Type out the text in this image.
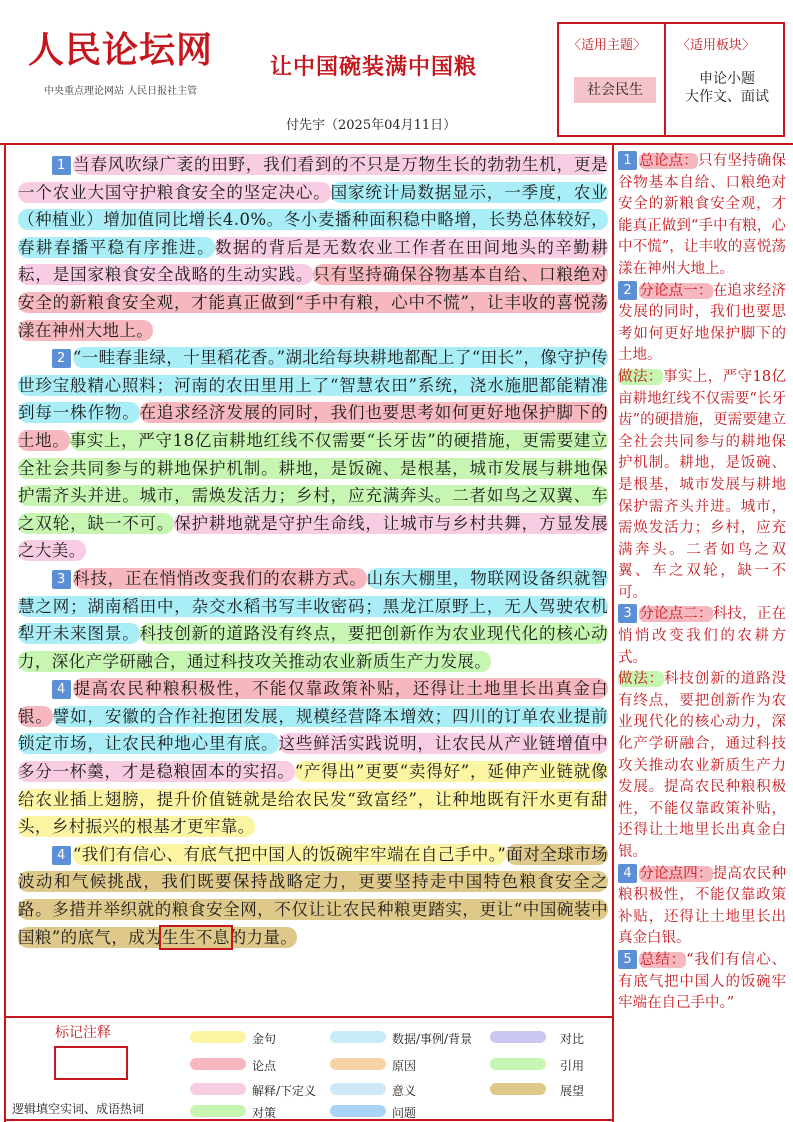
人民论坛网
中央重点理论网站 人民日报社主管
让中国碗装满中国粮
付先宇（2025年04月11日）
〈适用主题〉 〈适用板块〉
社会民生
申论小题
大作文、面试

  1 当春风吹绿广袤的田野，我们看到的不只是万物生长的勃勃生机，更是一个农业大国守护粮食安全的坚定决心。国家统计局数据显示，一季度，农业（种植业）增加值同比增长4.0%。冬小麦播种面积稳中略增，长势总体较好，春耕春播平稳有序推进。数据的背后是无数农业工作者在田间地头的辛勤耕耘，是国家粮食安全战略的生动实践。只有坚持确保谷物基本自给、口粮绝对安全的新粮食安全观，才能真正做到“手中有粮，心中不慌”，让丰收的喜悦荡漾在神州大地上。

  2 “一畦春韭绿，十里稻花香。”湖北给每块耕地都配上了“田长”，像守护传世珍宝般精心照料；河南的农田里用上了“智慧农田”系统，浇水施肥都能精准到每一株作物。在追求经济发展的同时，我们也要思考如何更好地保护脚下的土地。事实上，严守18亿亩耕地红线不仅需要“长牙齿”的硬措施，更需要建立全社会共同参与的耕地保护机制。耕地，是饭碗、是根基，城市发展与耕地保护需齐头并进。城市，需焕发活力；乡村，应充满奔头。二者如鸟之双翼、车之双轮，缺一不可。保护耕地就是守护生命线，让城市与乡村共舞，方显发展之大美。

  3 科技，正在悄悄改变我们的农耕方式。山东大棚里，物联网设备织就智慧之网；湖南稻田中，杂交水稻书写丰收密码；黑龙江原野上，无人驾驶农机犁开未来图景。科技创新的道路没有终点，要把创新作为农业现代化的核心动力，深化产学研融合，通过科技攻关推动农业新质生产力发展。

  4 提高农民种粮积极性，不能仅靠政策补贴，还得让土地里长出真金白银。譬如，安徽的合作社抱团发展，规模经营降本增效；四川的订单农业提前锁定市场，让农民种地心里有底。这些鲜活实践说明，让农民从产业链增值中多分一杯羹，才是稳粮固本的实招。“产得出”更要“卖得好”，延伸产业链就像给农业插上翅膀，提升价值链就是给农民发“致富经”，让种地既有汗水更有甜头，乡村振兴的根基才更牢靠。

  4 “我们有信心、有底气把中国人的饭碗牢牢端在自己手中。”面对全球市场波动和气候挑战，我们既要保持战略定力，更要坚持走中国特色粮食安全之路。多措并举织就的粮食安全网，不仅让让农民种粮更踏实，更让“中国碗装中国粮”的底气，成为生生不息的力量。

1 总论点：只有坚持确保谷物基本自给、口粮绝对安全的新粮食安全观，才能真正做到“手中有粮，心中不慌”，让丰收的喜悦荡漾在神州大地上。

2 分论点一：在追求经济发展的同时，我们也要思考如何更好地保护脚下的土地。

做法：事实上，严守18亿亩耕地红线不仅需要“长牙齿”的硬措施，更需要建立全社会共同参与的耕地保护机制。耕地，是饭碗、是根基，城市发展与耕地保护需齐头并进。城市，需焕发活力；乡村，应充满奔头。二者如鸟之双翼、车之双轮，缺一不可。

3 分论点二：科技，正在悄悄改变我们的农耕方式。

做法：科技创新的道路没有终点，要把创新作为农业现代化的核心动力，深化产学研融合，通过科技攻关推动农业新质生产力发展。提高农民种粮积极性，不能仅靠政策补贴，还得让土地里长出真金白银。

4 分论点四：提高农民种粮积极性，不能仅靠政策补贴，还得让土地里长出真金白银。

5 总结：“我们有信心、有底气把中国人的饭碗牢牢端在自己手中。”

标记注释
逻辑填空实词、成语热词
金句
论点
解释/下定义
对策
数据/事例/背景
原因
意义
问题
对比
引用
展望
